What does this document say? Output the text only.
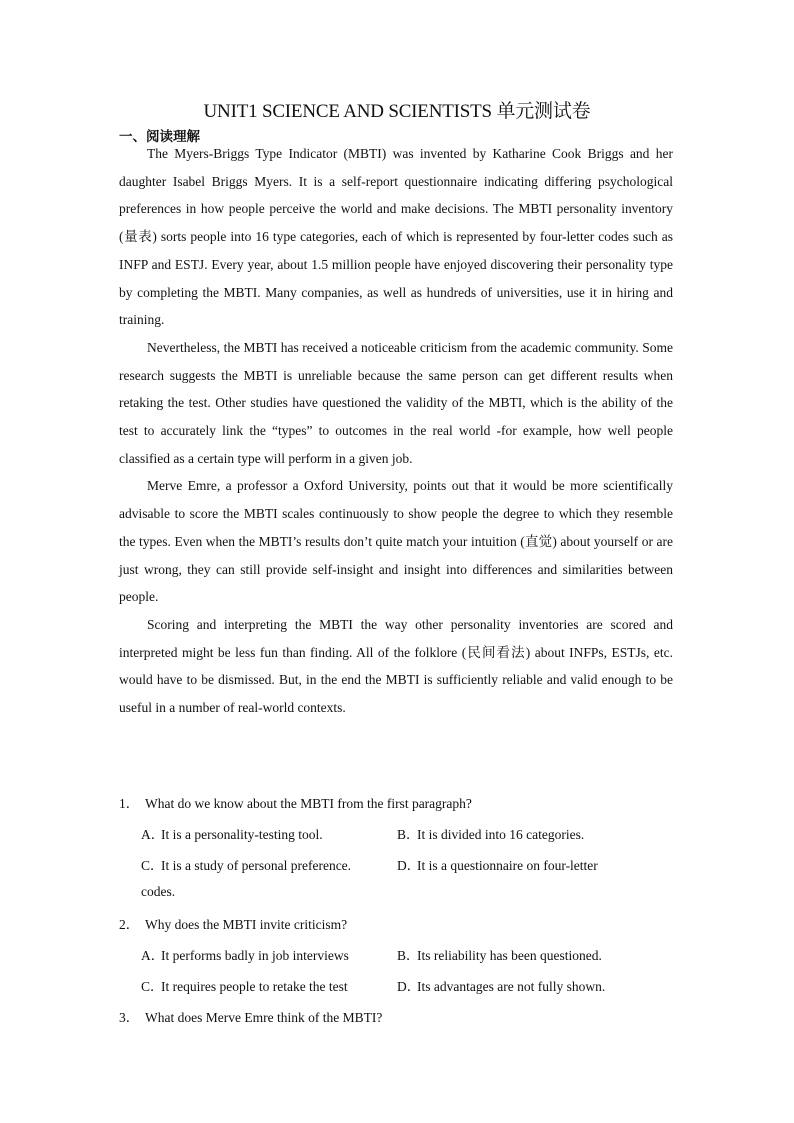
UNIT1 SCIENCE AND SCIENTISTS 单元测试卷
一、阅读理解

The Myers-Briggs Type Indicator (MBTI) was invented by Katharine Cook Briggs and her daughter Isabel Briggs Myers. It is a self-report questionnaire indicating differing psychological preferences in how people perceive the world and make decisions. The MBTI personality inventory (量表) sorts people into 16 type categories, each of which is represented by four-letter codes such as INFP and ESTJ. Every year, about 1.5 million people have enjoyed discovering their personality type by completing the MBTI. Many companies, as well as hundreds of universities, use it in hiring and training.

Nevertheless, the MBTI has received a noticeable criticism from the academic community. Some research suggests the MBTI is unreliable because the same person can get different results when retaking the test. Other studies have questioned the validity of the MBTI, which is the ability of the test to accurately link the “types” to outcomes in the real world -for example, how well people classified as a certain type will perform in a given job.

Merve Emre, a professor a Oxford University, points out that it would be more scientifically advisable to score the MBTI scales continuously to show people the degree to which they resemble the types. Even when the MBTI’s results don’t quite match your intuition (直觉) about yourself or are just wrong, they can still provide self-insight and insight into differences and similarities between people.

Scoring and interpreting the MBTI the way other personality inventories are scored and interpreted might be less fun than finding. All of the folklore (民间看法) about INFPs, ESTJs, etc. would have to be dismissed. But, in the end the MBTI is sufficiently reliable and valid enough to be useful in a number of real-world contexts.

1． What do we know about the MBTI from the first paragraph?
A．It is a personality-testing tool.	B．It is divided into 16 categories.
C．It is a study of personal preference.	D．It is a questionnaire on four-letter
codes.
2． Why does the MBTI invite criticism?
A．It performs badly in job interviews	B．Its reliability has been questioned.
C．It requires people to retake the test	D．Its advantages are not fully shown.
3． What does Merve Emre think of the MBTI?
